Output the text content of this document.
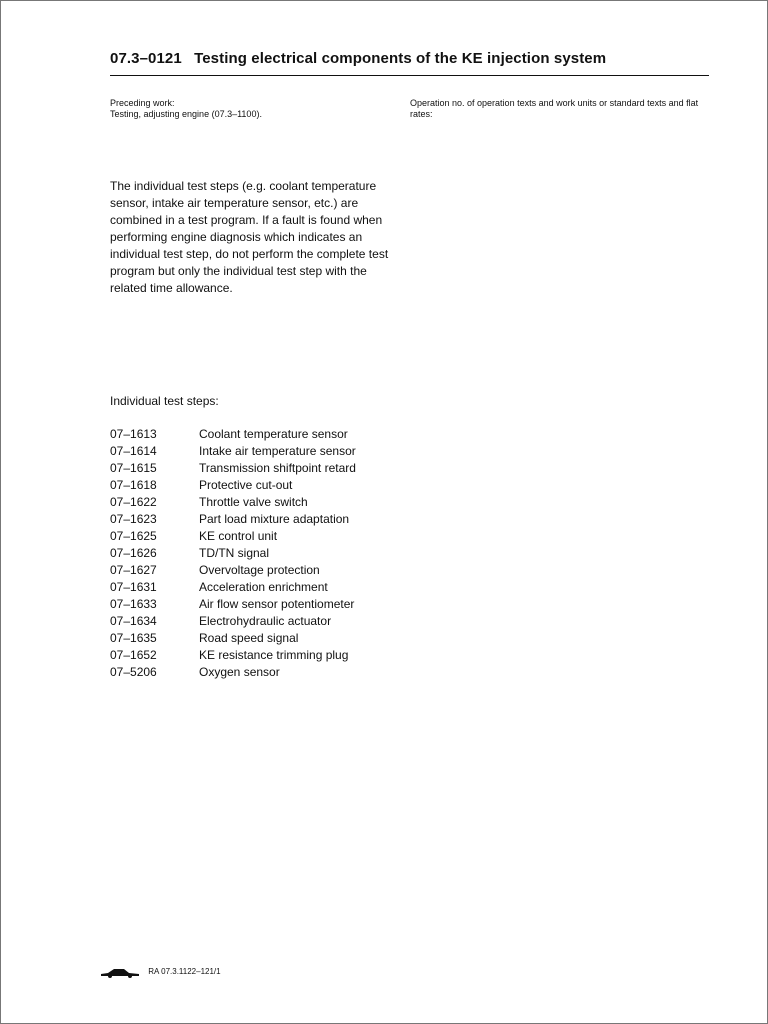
07.3–0121 Testing electrical components of the KE injection system
Preceding work:
Testing, adjusting engine (07.3–1100).
Operation no. of operation texts and work units or standard texts and flat rates:

The individual test steps (e.g. coolant temperature sensor, intake air temperature sensor, etc.) are combined in a test program. If a fault is found when performing engine diagnosis which indicates an individual test step, do not perform the complete test program but only the individual test step with the related time allowance.

Individual test steps:
07–1613	Coolant temperature sensor
07–1614	Intake air temperature sensor
07–1615	Transmission shiftpoint retard
07–1618	Protective cut-out
07–1622	Throttle valve switch
07–1623	Part load mixture adaptation
07–1625	KE control unit
07–1626	TD/TN signal
07–1627	Overvoltage protection
07–1631	Acceleration enrichment
07–1633	Air flow sensor potentiometer
07–1634	Electrohydraulic actuator
07–1635	Road speed signal
07–1652	KE resistance trimming plug
07–5206	Oxygen sensor
RA 07.3.1122–121/1
